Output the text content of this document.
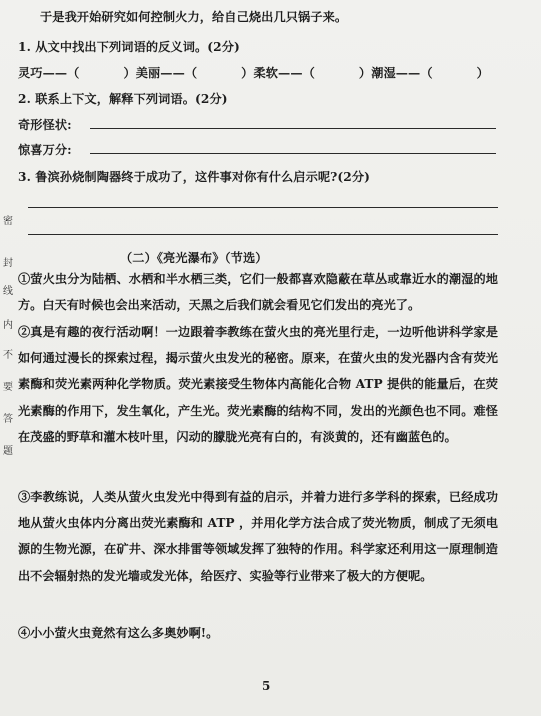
于是我开始研究如何控制火力，给自己烧出几只锅子来。
1. 从文中找出下列词语的反义词。(2分)
灵巧——（	）美丽——（	）柔软——（	）潮湿——（	）
2. 联系上下文，解释下列词语。(2分)
奇形怪状:
惊喜万分:
3. 鲁滨孙烧制陶器终于成功了，这件事对你有什么启示呢?(2分)
（二）《亮光瀑布》（节选）
①萤火虫分为陆栖、水栖和半水栖三类，它们一般都喜欢隐蔽在草丛或靠近水的潮湿的地方。白天有时候也会出来活动，天黑之后我们就会看见它们发出的亮光了。
②真是有趣的夜行活动啊！一边跟着李教练在萤火虫的亮光里行走，一边听他讲科学家是如何通过漫长的探索过程，揭示萤火虫发光的秘密。原来，在萤火虫的发光器内含有荧光素酶和荧光素两种化学物质。荧光素接受生物体内高能化合物 ATP 提供的能量后，在荧光素酶的作用下，发生氧化，产生光。荧光素酶的结构不同，发出的光颜色也不同。难怪在茂盛的野草和灌木枝叶里，闪动的朦胧光亮有白的，有淡黄的，还有幽蓝色的。
③李教练说，人类从萤火虫发光中得到有益的启示，并着力进行多学科的探索，已经成功地从萤火虫体内分离出荧光素酶和 ATP ，并用化学方法合成了荧光物质，制成了无须电源的生物光源，在矿井、深水排雷等领域发挥了独特的作用。科学家还利用这一原理制造出不会辐射热的发光墙或发光体，给医疗、实验等行业带来了极大的方便呢。
④小小萤火虫竟然有这么多奥妙啊!。
密
封
线
内
不
要
答
题
5
